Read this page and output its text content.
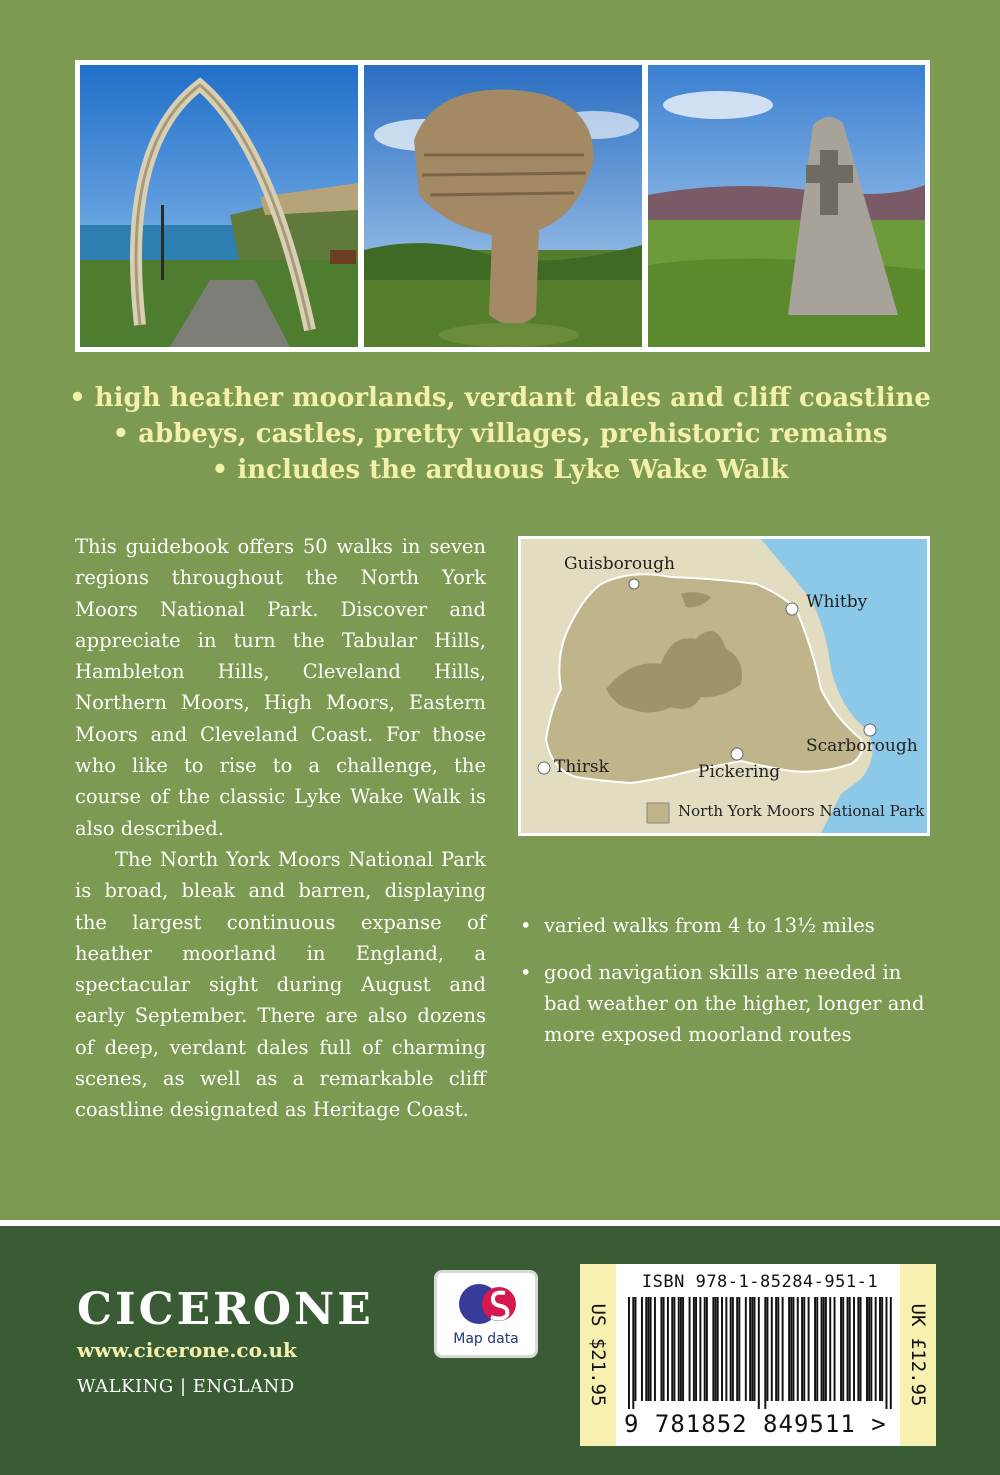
• high heather moorlands, verdant dales and cliff coastline
• abbeys, castles, pretty villages, prehistoric remains
• includes the arduous Lyke Wake Walk

This guidebook offers 50 walks in seven regions throughout the North York Moors National Park. Discover and appreciate in turn the Tabular Hills, Hambleton Hills, Cleveland Hills, Northern Moors, High Moors, Eastern Moors and Cleveland Coast. For those who like to rise to a challenge, the course of the classic Lyke Wake Walk is also described.

The North York Moors National Park is broad, bleak and barren, displaying the largest continuous expanse of heather moorland in England, a spectacular sight during August and early September. There are also dozens of deep, verdant dales full of charming scenes, as well as a remarkable cliff coastline designated as Heritage Coast.

Guisborough
Whitby
Scarborough
Thirsk	Pickering
North York Moors National Park
• varied walks from 4 to 13½ miles
• good navigation skills are needed in bad weather on the higher, longer and more exposed moorland routes
CICERONE
www.cicerone.co.uk
WALKING | ENGLAND
Map data	US $21.95	UK £12.95
ISBN 978-1-85284-951-1
9 781852 849511 >
